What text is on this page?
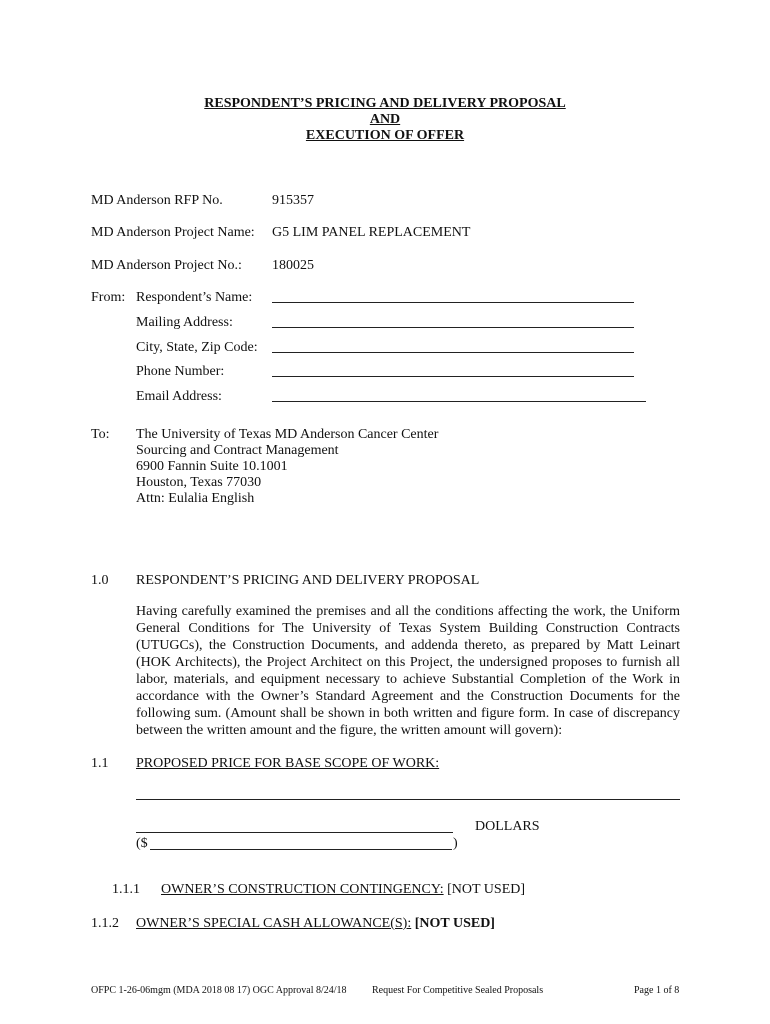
RESPONDENT’S PRICING AND DELIVERY PROPOSAL
AND
EXECUTION OF OFFER
MD Anderson RFP No.	915357
MD Anderson Project Name: G5 LIM PANEL REPLACEMENT
MD Anderson Project No.: 180025
From: Respondent’s Name:
Mailing Address:
City, State, Zip Code:
Phone Number:
Email Address:
To: The University of Texas MD Anderson Cancer Center
Sourcing and Contract Management
6900 Fannin Suite 10.1001
Houston, Texas 77030
Attn: Eulalia English
1.0 RESPONDENT’S PRICING AND DELIVERY PROPOSAL
Having carefully examined the premises and all the conditions affecting the work, the Uniform General Conditions for The University of Texas System Building Construction Contracts (UTUGCs), the Construction Documents, and addenda thereto, as prepared by Matt Leinart (HOK Architects), the Project Architect on this Project, the undersigned proposes to furnish all labor, materials, and equipment necessary to achieve Substantial Completion of the Work in accordance with the Owner’s Standard Agreement and the Construction Documents for the following sum. (Amount shall be shown in both written and figure form. In case of discrepancy between the written amount and the figure, the written amount will govern):
1.1 PROPOSED PRICE FOR BASE SCOPE OF WORK:
DOLLARS
($	)
1.1.1 OWNER’S CONSTRUCTION CONTINGENCY: [NOT USED]
1.1.2 OWNER’S SPECIAL CASH ALLOWANCE(S): [NOT USED]
OFPC 1-26-06mgm (MDA 2018 08 17) OGC Approval 8/24/18	Request For Competitive Sealed Proposals	Page 1 of 8
